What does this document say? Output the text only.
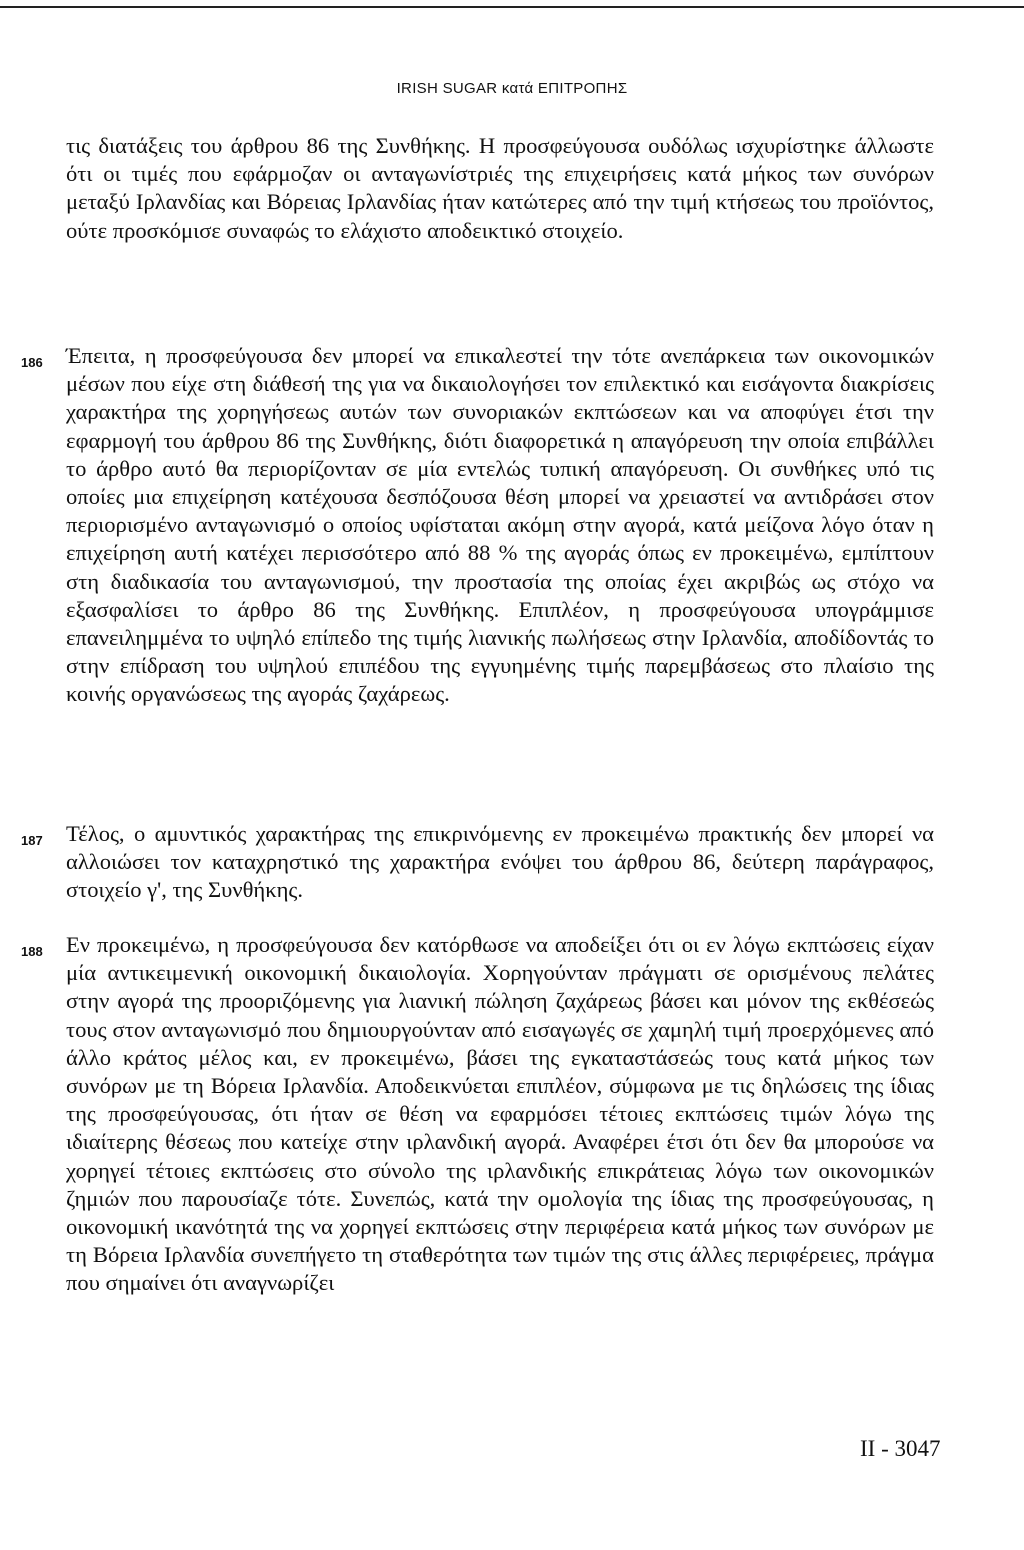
IRISH SUGAR κατά ΕΠΙΤΡΟΠΗΣ

τις διατάξεις του άρθρου 86 της Συνθήκης. Η προσφεύγουσα ουδόλως ισχυρίστηκε άλλωστε ότι οι τιμές που εφάρμοζαν οι ανταγωνίστριές της επιχειρήσεις κατά μήκος των συνόρων μεταξύ Ιρλανδίας και Βόρειας Ιρλανδίας ήταν κατώτερες από την τιμή κτήσεως του προϊόντος, ούτε προσκόμισε συναφώς το ελάχιστο αποδεικτικό στοιχείο.

186 Έπειτα, η προσφεύγουσα δεν μπορεί να επικαλεστεί την τότε ανεπάρκεια των οικονομικών μέσων που είχε στη διάθεσή της για να δικαιολογήσει τον επιλεκτικό και εισάγοντα διακρίσεις χαρακτήρα της χορηγήσεως αυτών των συνοριακών εκπτώσεων και να αποφύγει έτσι την εφαρμογή του άρθρου 86 της Συνθήκης, διότι διαφορετικά η απαγόρευση την οποία επιβάλλει το άρθρο αυτό θα περιορίζονταν σε μία εντελώς τυπική απαγόρευση. Οι συνθήκες υπό τις οποίες μια επιχείρηση κατέχουσα δεσπόζουσα θέση μπορεί να χρειαστεί να αντιδράσει στον περιορισμένο ανταγωνισμό ο οποίος υφίσταται ακόμη στην αγορά, κατά μείζονα λόγο όταν η επιχείρηση αυτή κατέχει περισσότερο από 88 % της αγοράς όπως εν προκειμένω, εμπίπτουν στη διαδικασία του ανταγωνισμού, την προστασία της οποίας έχει ακριβώς ως στόχο να εξασφαλίσει το άρθρο 86 της Συνθήκης. Επιπλέον, η προσφεύγουσα υπογράμμισε επανειλημμένα το υψηλό επίπεδο της τιμής λιανικής πωλήσεως στην Ιρλανδία, αποδίδοντάς το στην επίδραση του υψηλού επιπέδου της εγγυημένης τιμής παρεμβάσεως στο πλαίσιο της κοινής οργανώσεως της αγοράς ζαχάρεως.

187 Τέλος, ο αμυντικός χαρακτήρας της επικρινόμενης εν προκειμένω πρακτικής δεν μπορεί να αλλοιώσει τον καταχρηστικό της χαρακτήρα ενόψει του άρθρου 86, δεύτερη παράγραφος, στοιχείο γ', της Συνθήκης.

188 Εν προκειμένω, η προσφεύγουσα δεν κατόρθωσε να αποδείξει ότι οι εν λόγω εκπτώσεις είχαν μία αντικειμενική οικονομική δικαιολογία. Χορηγούνταν πράγματι σε ορισμένους πελάτες στην αγορά της προοριζόμενης για λιανική πώληση ζαχάρεως βάσει και μόνον της εκθέσεώς τους στον ανταγωνισμό που δημιουργούνταν από εισαγωγές σε χαμηλή τιμή προερχόμενες από άλλο κράτος μέλος και, εν προκειμένω, βάσει της εγκαταστάσεώς τους κατά μήκος των συνόρων με τη Βόρεια Ιρλανδία. Αποδεικνύεται επιπλέον, σύμφωνα με τις δηλώσεις της ίδιας της προσφεύγουσας, ότι ήταν σε θέση να εφαρμόσει τέτοιες εκπτώσεις τιμών λόγω της ιδιαίτερης θέσεως που κατείχε στην ιρλανδική αγορά. Αναφέρει έτσι ότι δεν θα μπορούσε να χορηγεί τέτοιες εκπτώσεις στο σύνολο της ιρλανδικής επικράτειας λόγω των οικονομικών ζημιών που παρουσίαζε τότε. Συνεπώς, κατά την ομολογία της ίδιας της προσφεύγουσας, η οικονομική ικανότητά της να χορηγεί εκπτώσεις στην περιφέρεια κατά μήκος των συνόρων με τη Βόρεια Ιρλανδία συνεπήγετο τη σταθερότητα των τιμών της στις άλλες περιφέρειες, πράγμα που σημαίνει ότι αναγνωρίζει

II - 3047
